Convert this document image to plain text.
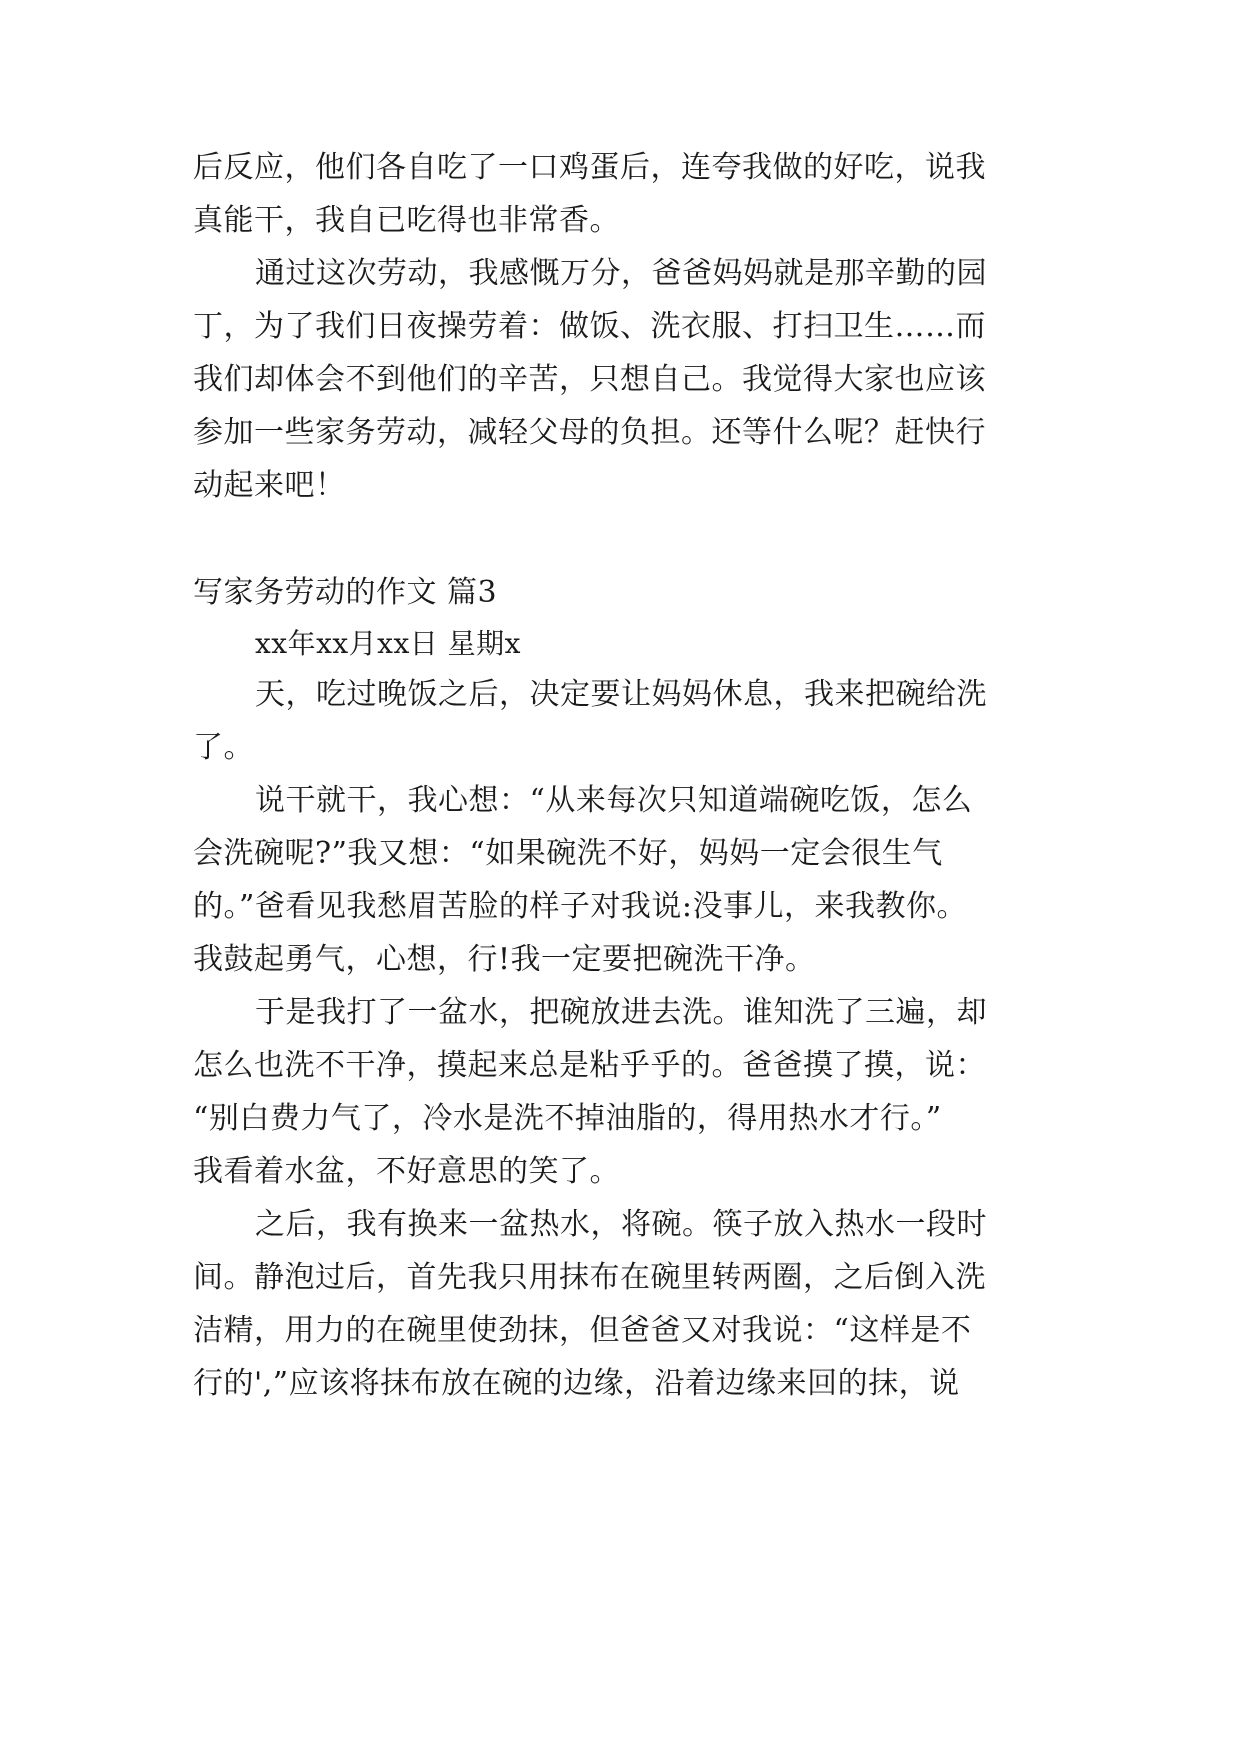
后反应，他们各自吃了一口鸡蛋后，连夸我做的好吃，说我
真能干，我自已吃得也非常香。
通过这次劳动，我感慨万分，爸爸妈妈就是那辛勤的园
丁，为了我们日夜操劳着：做饭、洗衣服、打扫卫生……而
我们却体会不到他们的辛苦，只想自己。我觉得大家也应该
参加一些家务劳动，减轻父母的负担。还等什么呢？赶快行
动起来吧！
写家务劳动的作文 篇3
xx年xx月xx日 星期x
天，吃过晚饭之后，决定要让妈妈休息，我来把碗给洗
了。
说干就干，我心想：“从来每次只知道端碗吃饭，怎么
会洗碗呢?”我又想：“如果碗洗不好，妈妈一定会很生气
的。”爸看见我愁眉苦脸的样子对我说:没事儿，来我教你。
我鼓起勇气，心想，行!我一定要把碗洗干净。
于是我打了一盆水，把碗放进去洗。谁知洗了三遍，却
怎么也洗不干净，摸起来总是粘乎乎的。爸爸摸了摸，说：
“别白费力气了，冷水是洗不掉油脂的，得用热水才行。”
我看着水盆，不好意思的笑了。
之后，我有换来一盆热水，将碗。筷子放入热水一段时
间。静泡过后，首先我只用抹布在碗里转两圈，之后倒入洗
洁精，用力的在碗里使劲抹，但爸爸又对我说：“这样是不
行的',”应该将抹布放在碗的边缘，沿着边缘来回的抹，说
